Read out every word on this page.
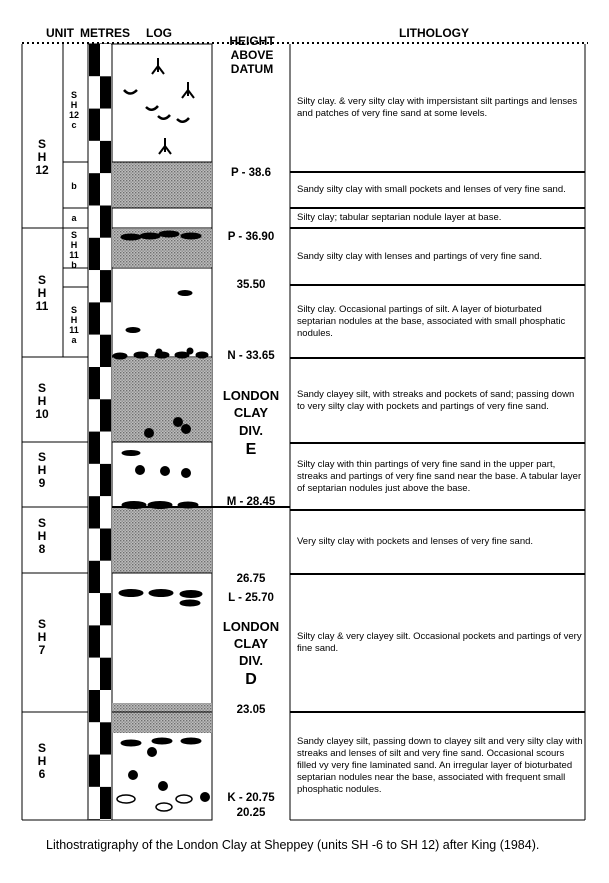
UNIT METRES LOG
HEIGHT
ABOVE
DATUM
LITHOLOGY
S
H
12
S
H
11
S
H
10
S
H
9
S
H
8
S
H
7
S
H
6
S
H
12
c
b
a
S
H
11
b
S
H
11
a
P - 38.6
P - 36.90
35.50
N - 33.65
M - 28.45
26.75
L - 25.70
23.05
K - 20.75
20.25
LONDON
CLAY
DIV.
E
LONDON
CLAY
DIV.
D
Silty clay. & very silty clay with impersistant silt partings and lenses and patches of very fine sand at some levels.
Sandy silty clay with small pockets and lenses of very fine sand.
Silty clay; tabular septarian nodule layer at base.
Sandy silty clay with lenses and partings of very fine sand.
Silty clay. Occasional partings of silt. A layer of bioturbated septarian nodules at the base, associated with small phosphatic nodules.
Sandy clayey silt, with streaks and pockets of sand; passing down to very silty clay with pockets and partings of very fine sand.
Silty clay with thin partings of very fine sand in the upper part, streaks and partings of very fine sand near the base. A tabular layer of septarian nodules just above the base.
Very silty clay with pockets and lenses of very fine sand.
Silty clay & very clayey silt. Occasional pockets and partings of very fine sand.
Sandy clayey silt, passing down to clayey silt and very silty clay with streaks and lenses of silt and very fine sand. Occasional scours filled vy very fine laminated sand. An irregular layer of bioturbated septarian nodules near the base, associated with frequent small phosphatic nodules.
Lithostratigraphy of the London Clay at Sheppey (units SH -6 to SH 12) after King (1984).
